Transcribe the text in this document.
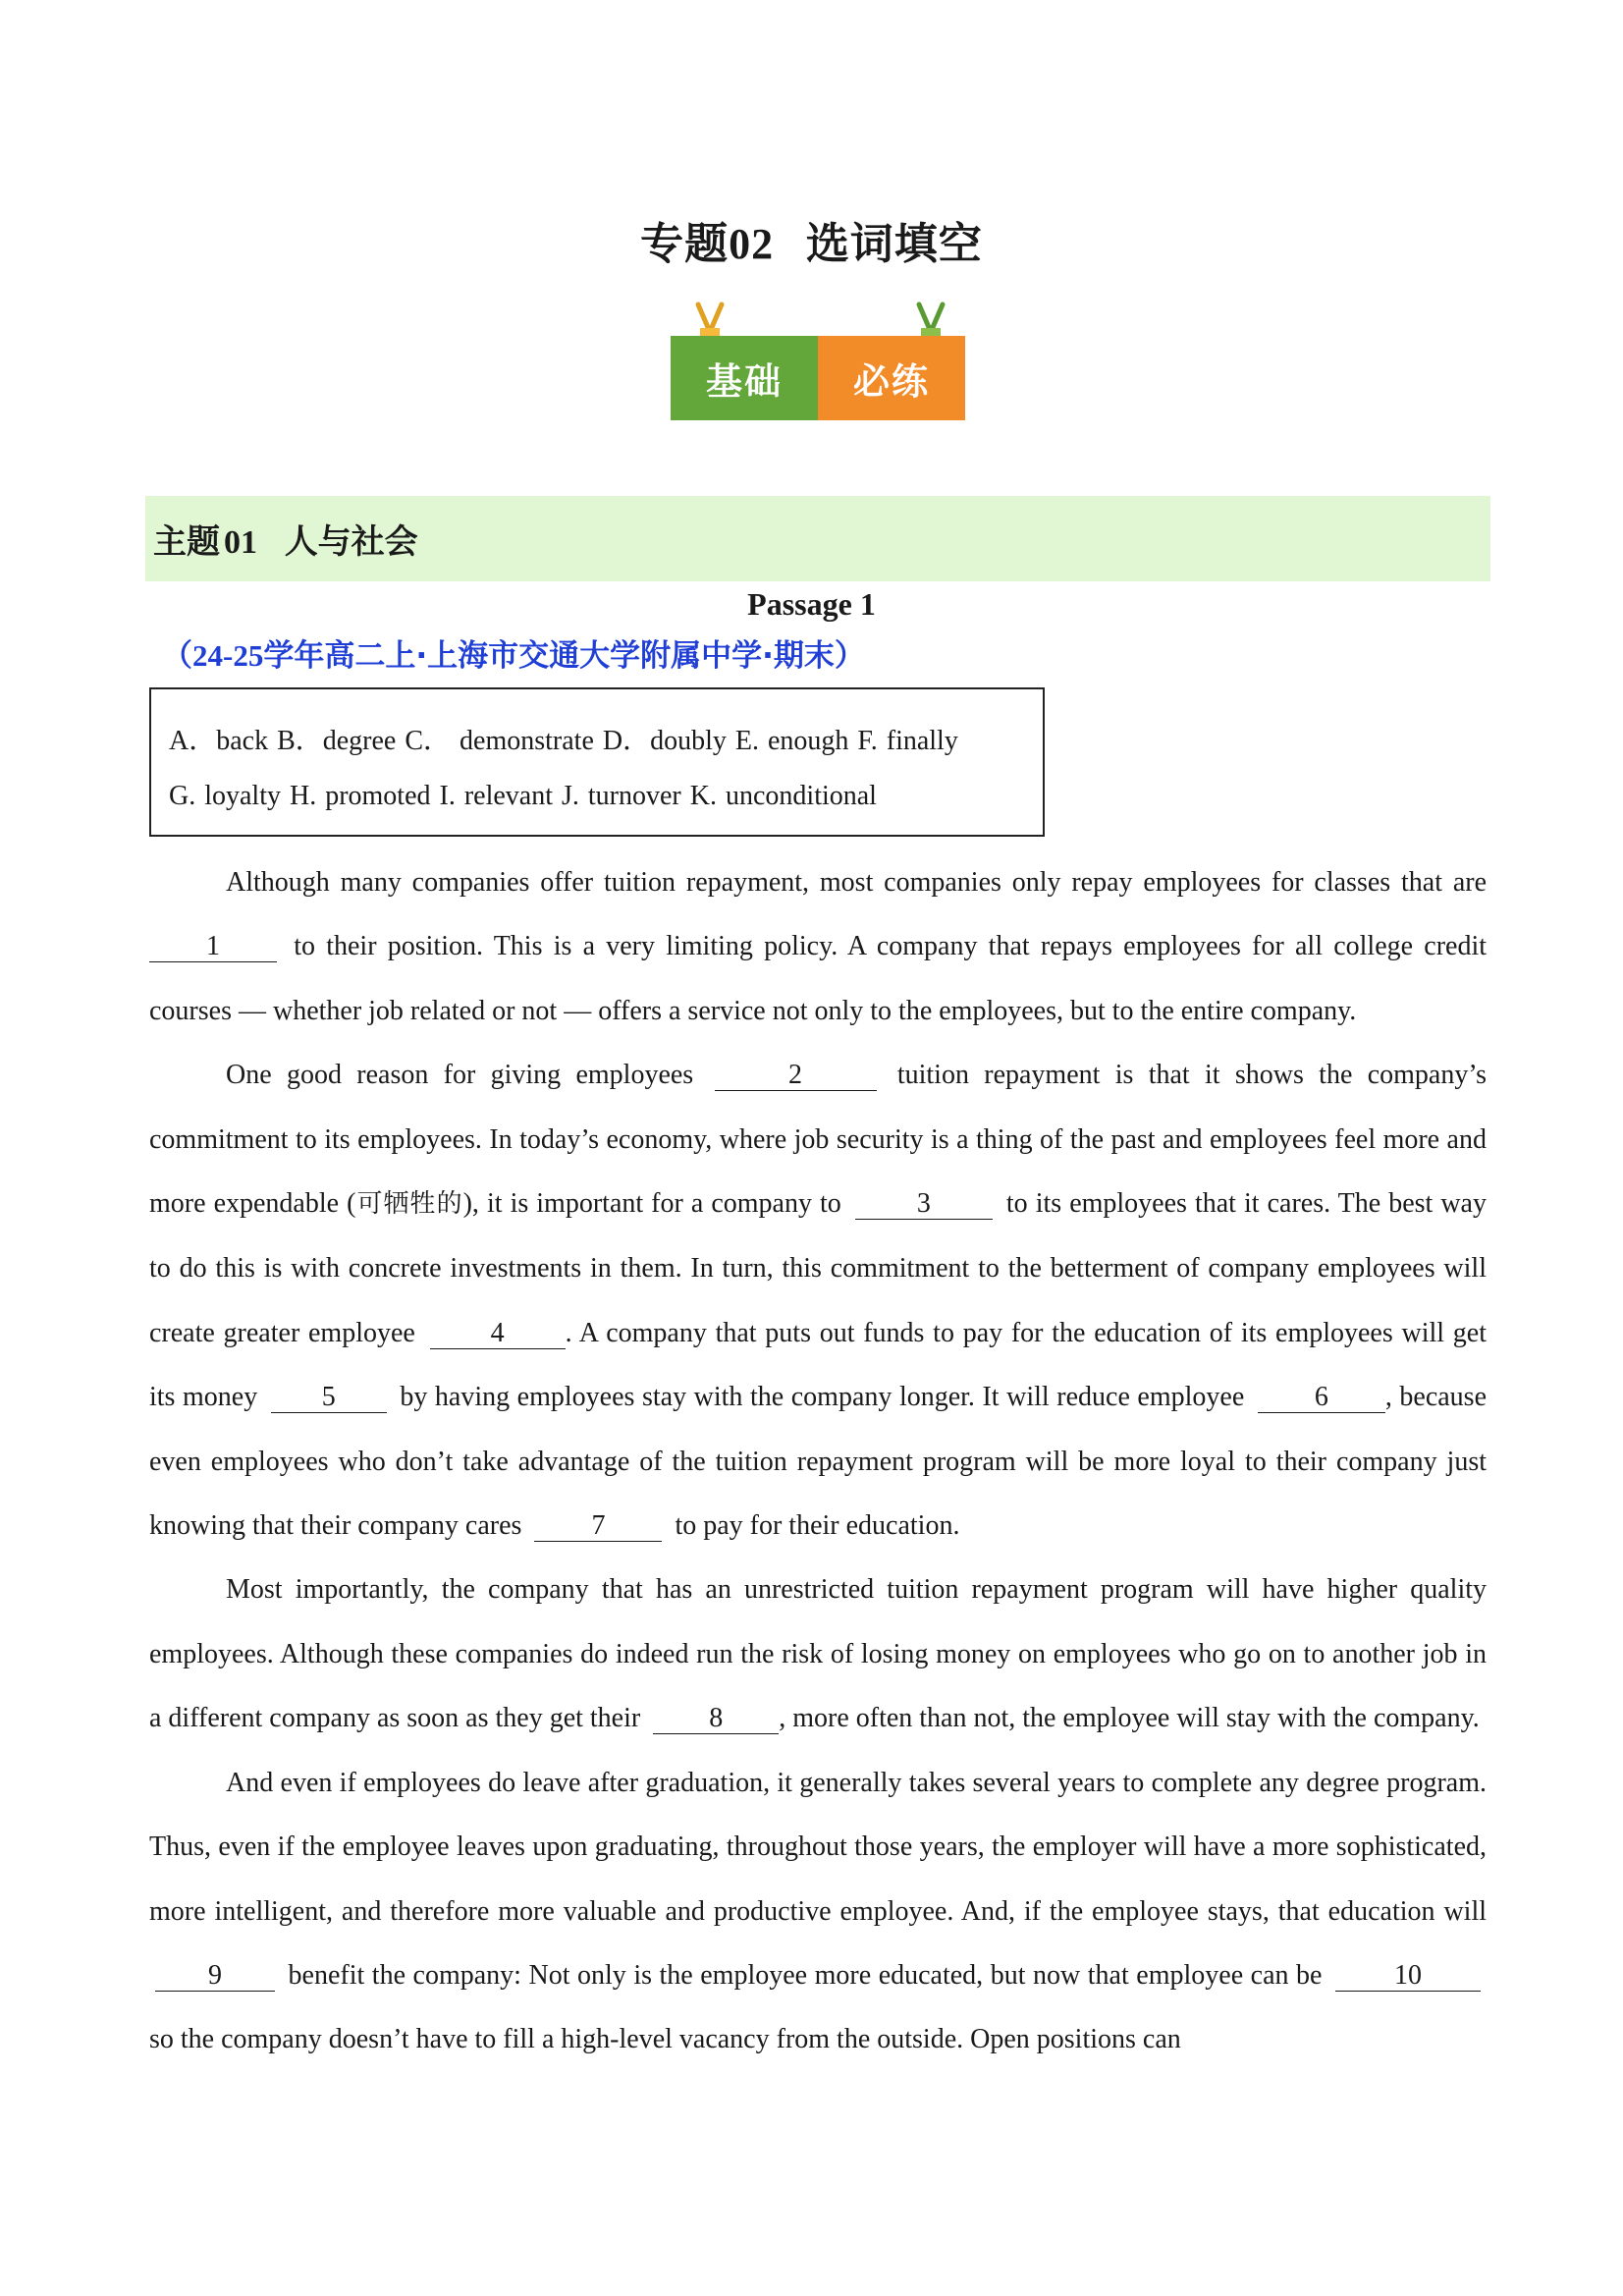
专题02 选词填空
基础	必练
主题 01 人与社会
Passage 1
（24-25学年高二上·上海市交通大学附属中学·期末）
A．back B．degree C． demonstrate D．doubly E. enough F. finally
G. loyalty H. promoted I. relevant J. turnover K. unconditional

Although many companies offer tuition repayment, most companies only repay employees for classes that are 1	to their position. This is a very limiting policy. A company that repays employees for all college credit courses — whether job related or not — offers a service not only to the employees, but to the entire company.

One good reason for giving employees	2	tuition repayment is that it shows the company’s commitment to its employees. In today’s economy, where job security is a thing of the past and employees feel more and more expendable (可牺牲的), it is important for a company to	3	to its employees that it cares. The best way to do this is with concrete investments in them. In turn, this commitment to the betterment of company employees will create greater employee	4 . A company that puts out funds to pay for the education of its employees will get its money 5 by having employees stay with the company longer. It will reduce employee	6 , because even employees who don’t take advantage of the tuition repayment program will be more loyal to their company just knowing that their company cares	7	to pay for their education.

Most importantly, the company that has an unrestricted tuition repayment program will have higher quality employees. Although these companies do indeed run the risk of losing money on employees who go on to another job in a different company as soon as they get their	8 , more often than not, the employee will stay with the company.

And even if employees do leave after graduation, it generally takes several years to complete any degree program. Thus, even if the employee leaves upon graduating, throughout those years, the employer will have a more sophisticated, more intelligent, and therefore more valuable and productive employee. And, if the employee stays, that education will 9 benefit the company: Not only is the employee more educated, but now that employee can be	10 so the company doesn’t have to fill a high-level vacancy from the outside. Open positions can
